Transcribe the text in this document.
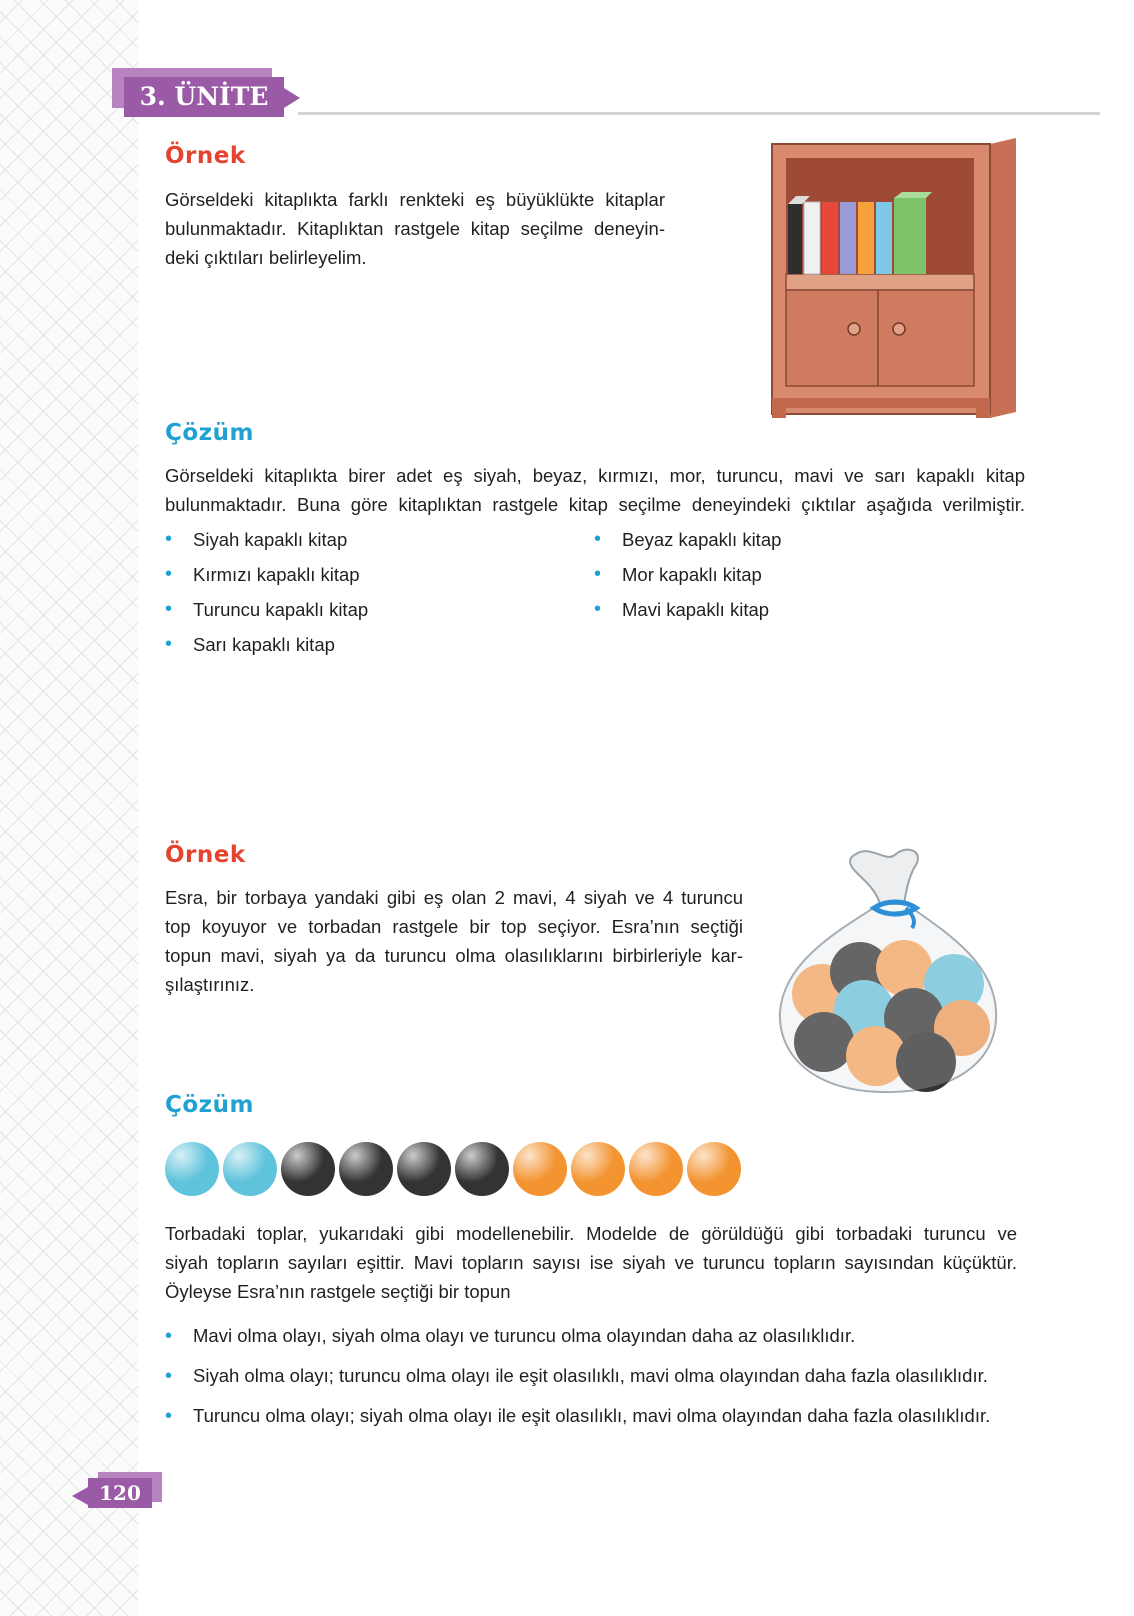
3. ÜNİTE
Örnek
Görseldeki kitaplıkta farklı renkteki eş büyüklükte kitaplar
bulunmaktadır. Kitaplıktan rastgele kitap seçilme deneyin-
deki çıktıları belirleyelim.
Çözüm
Görseldeki kitaplıkta birer adet eş siyah, beyaz, kırmızı, mor, turuncu, mavi ve sarı kapaklı kitap
bulunmaktadır. Buna göre kitaplıktan rastgele kitap seçilme deneyindeki çıktılar aşağıda verilmiştir.
• Siyah kapaklı kitap
• Kırmızı kapaklı kitap
• Turuncu kapaklı kitap
• Sarı kapaklı kitap
• Beyaz kapaklı kitap
• Mor kapaklı kitap
• Mavi kapaklı kitap
Örnek
Esra, bir torbaya yandaki gibi eş olan 2 mavi, 4 siyah ve 4 turuncu
top koyuyor ve torbadan rastgele bir top seçiyor. Esra’nın seçtiği
topun mavi, siyah ya da turuncu olma olasılıklarını birbirleriyle kar-
şılaştırınız.
Çözüm
Torbadaki toplar, yukarıdaki gibi modellenebilir. Modelde de görüldüğü gibi torbadaki turuncu ve
siyah topların sayıları eşittir. Mavi topların sayısı ise siyah ve turuncu topların sayısından küçüktür.
Öyleyse Esra’nın rastgele seçtiği bir topun
• Mavi olma olayı, siyah olma olayı ve turuncu olma olayından daha az olasılıklıdır.
• Siyah olma olayı; turuncu olma olayı ile eşit olasılıklı, mavi olma olayından daha fazla olasılıklıdır.
• Turuncu olma olayı; siyah olma olayı ile eşit olasılıklı, mavi olma olayından daha fazla olasılıklıdır.
120
